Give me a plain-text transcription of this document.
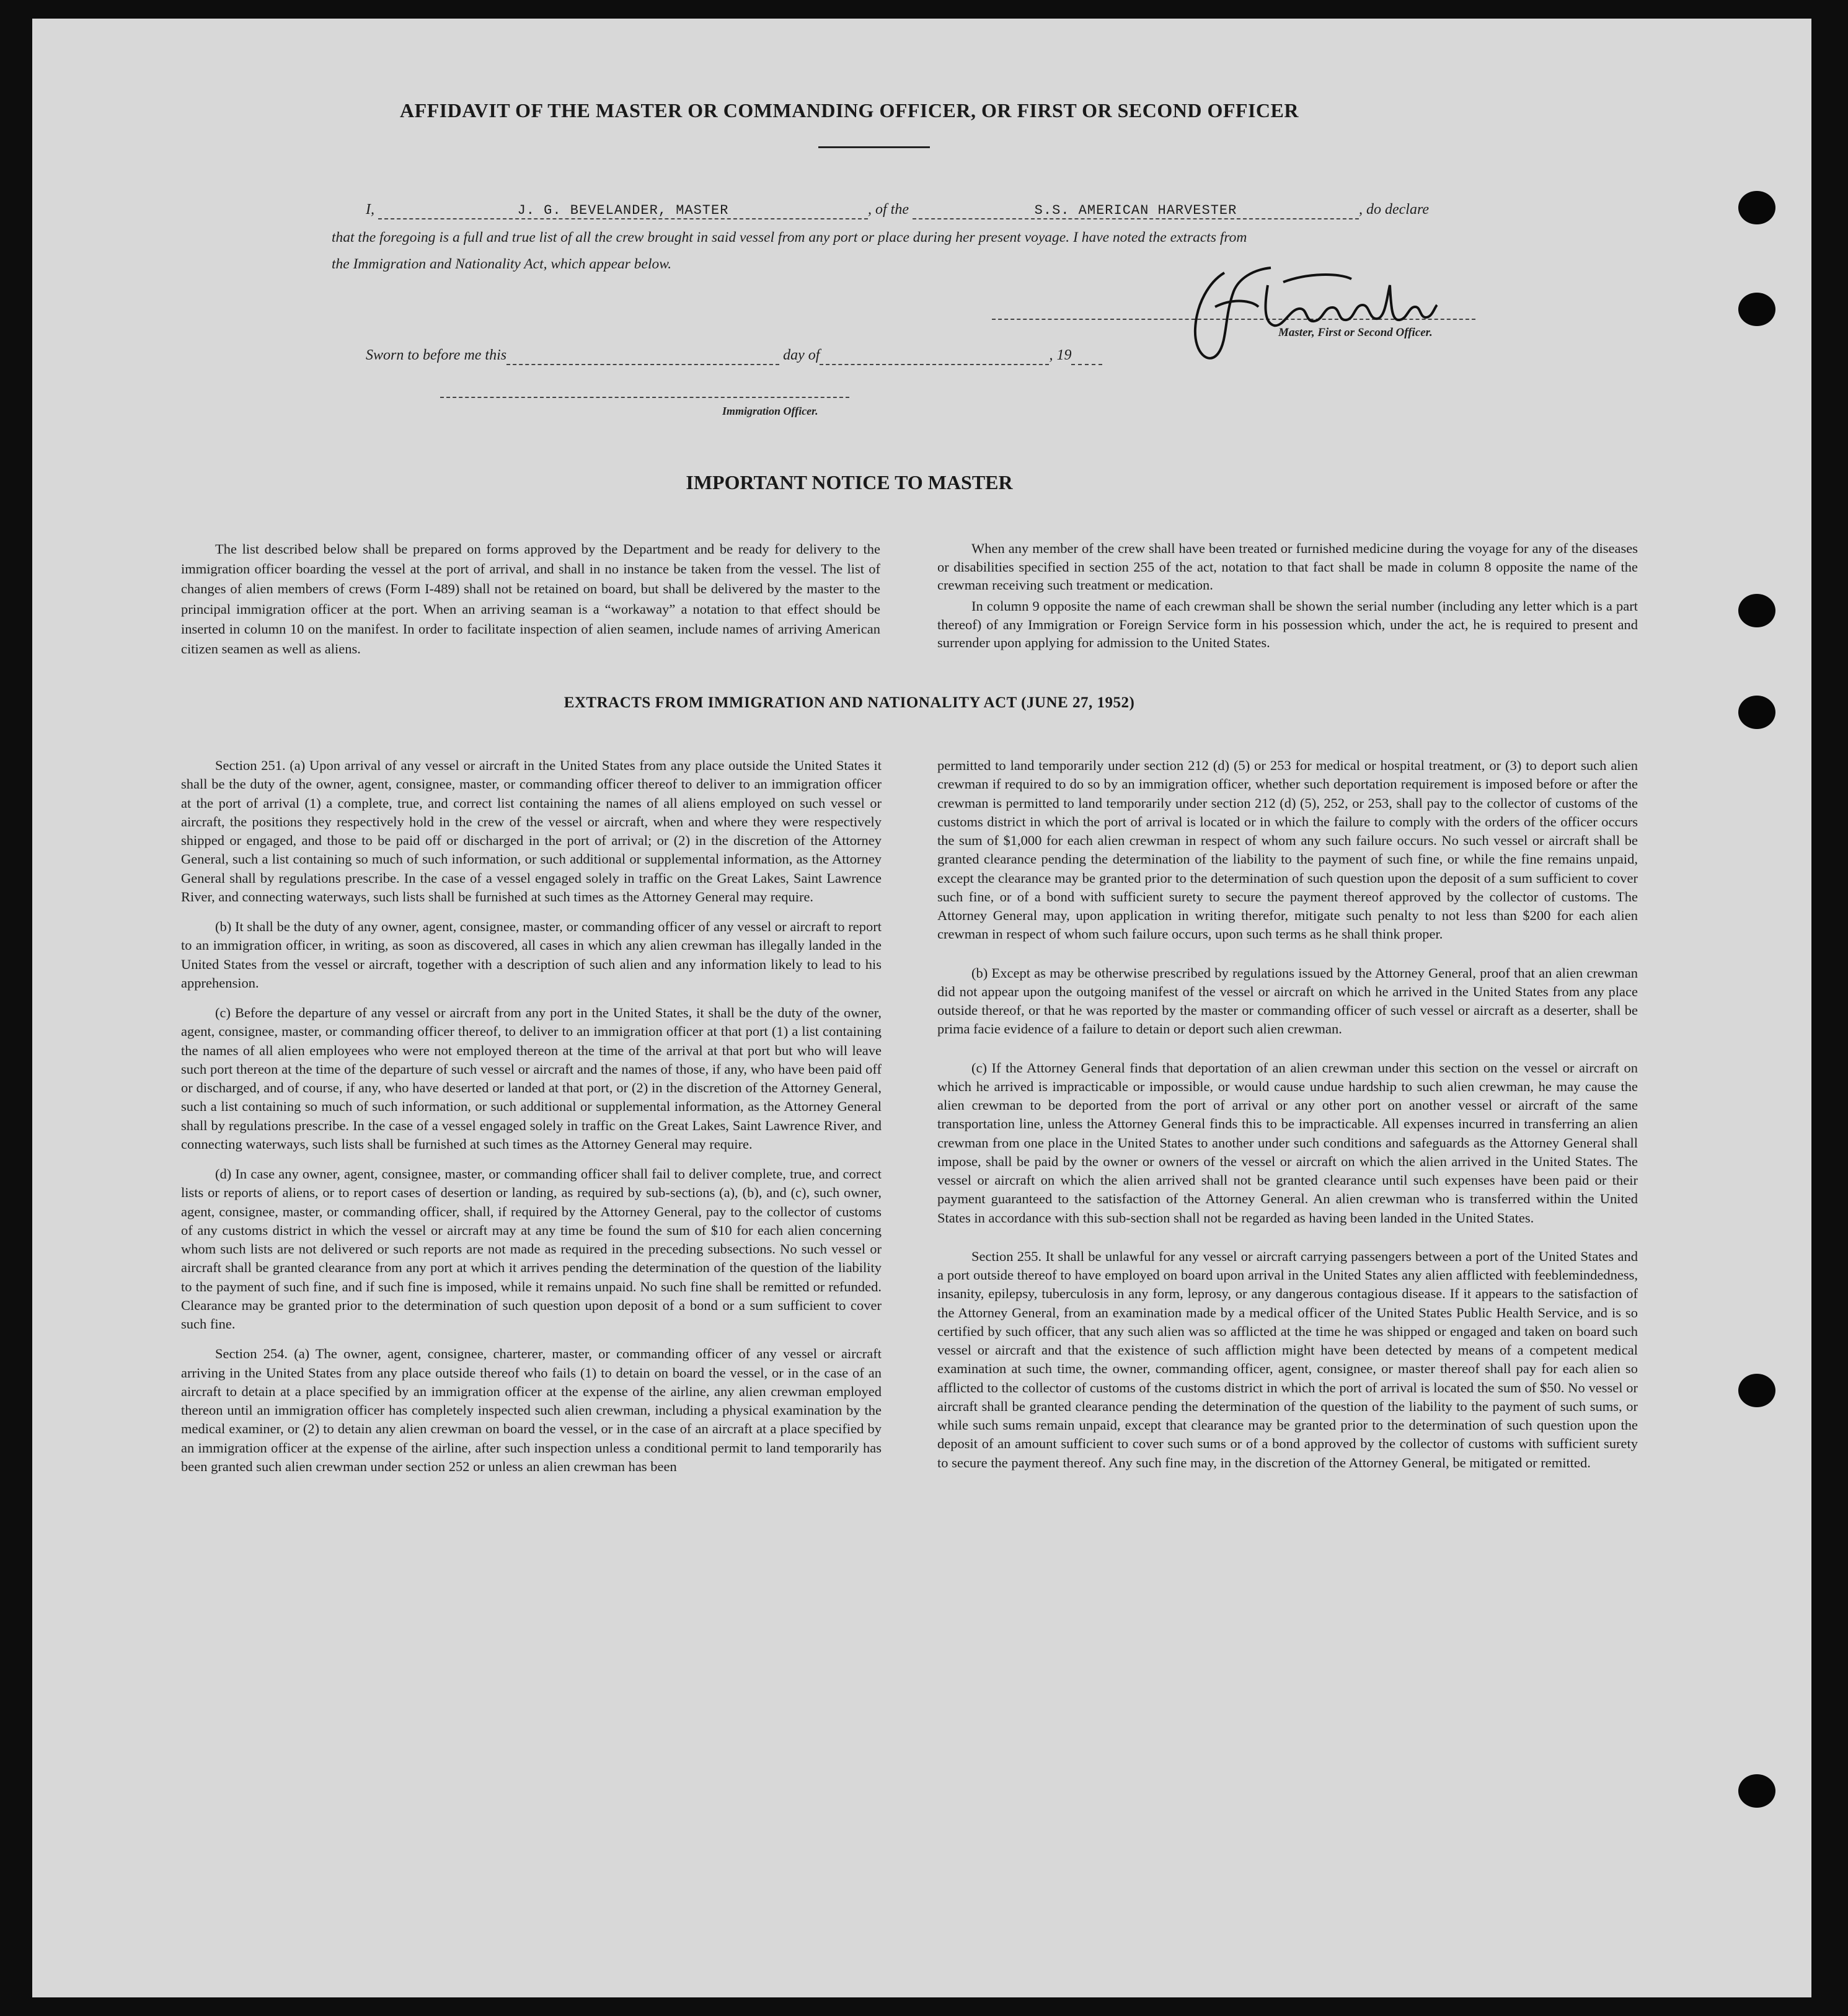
AFFIDAVIT OF THE MASTER OR COMMANDING OFFICER, OR FIRST OR SECOND OFFICER
I,	J. G. BEVELANDER, MASTER	, of the	S.S. AMERICAN HARVESTER	, do declare
that the foregoing is a full and true list of all the crew brought in said vessel from any port or place during her present voyage. I have noted the extracts from
the Immigration and Nationality Act, which appear below.
Master, First or Second Officer.
Sworn to before me this	day of	, 19
Immigration Officer.
IMPORTANT NOTICE TO MASTER

The list described below shall be prepared on forms approved by the Department and be ready for delivery to the immigration officer boarding the vessel at the port of arrival, and shall in no instance be taken from the vessel. The list of changes of alien members of crews (Form I-489) shall not be retained on board, but shall be delivered by the master to the principal immigration officer at the port. When an arriving seaman is a “workaway” a notation to that effect should be inserted in column 10 on the manifest. In order to facilitate inspection of alien seamen, include names of arriving American citizen seamen as well as aliens.

When any member of the crew shall have been treated or furnished medicine during the voyage for any of the diseases or disabilities specified in section 255 of the act, notation to that fact shall be made in column 8 opposite the name of the crewman receiving such treatment or medication.

In column 9 opposite the name of each crewman shall be shown the serial number (including any letter which is a part thereof) of any Immigration or Foreign Service form in his possession which, under the act, he is required to present and surrender upon applying for admission to the United States.

EXTRACTS FROM IMMIGRATION AND NATIONALITY ACT (JUNE 27, 1952)

Section 251. (a) Upon arrival of any vessel or aircraft in the United States from any place outside the United States it shall be the duty of the owner, agent, consignee, master, or commanding officer thereof to deliver to an immigration officer at the port of arrival (1) a complete, true, and correct list containing the names of all aliens employed on such vessel or aircraft, the positions they respectively hold in the crew of the vessel or aircraft, when and where they were respectively shipped or engaged, and those to be paid off or discharged in the port of arrival; or (2) in the discretion of the Attorney General, such a list containing so much of such information, or such additional or supplemental information, as the Attorney General shall by regulations prescribe. In the case of a vessel engaged solely in traffic on the Great Lakes, Saint Lawrence River, and connecting waterways, such lists shall be furnished at such times as the Attorney General may require.

(b) It shall be the duty of any owner, agent, consignee, master, or commanding officer of any vessel or aircraft to report to an immigration officer, in writing, as soon as discovered, all cases in which any alien crewman has illegally landed in the United States from the vessel or aircraft, together with a description of such alien and any information likely to lead to his apprehension.

(c) Before the departure of any vessel or aircraft from any port in the United States, it shall be the duty of the owner, agent, consignee, master, or commanding officer thereof, to deliver to an immigration officer at that port (1) a list containing the names of all alien employees who were not employed thereon at the time of the arrival at that port but who will leave such port thereon at the time of the departure of such vessel or aircraft and the names of those, if any, who have been paid off or discharged, and of course, if any, who have deserted or landed at that port, or (2) in the discretion of the Attorney General, such a list containing so much of such information, or such additional or supplemental information, as the Attorney General shall by regulations prescribe. In the case of a vessel engaged solely in traffic on the Great Lakes, Saint Lawrence River, and connecting waterways, such lists shall be furnished at such times as the Attorney General may require.

(d) In case any owner, agent, consignee, master, or commanding officer shall fail to deliver complete, true, and correct lists or reports of aliens, or to report cases of desertion or landing, as required by sub-sections (a), (b), and (c), such owner, agent, consignee, master, or commanding officer, shall, if required by the Attorney General, pay to the collector of customs of any customs district in which the vessel or aircraft may at any time be found the sum of $10 for each alien concerning whom such lists are not delivered or such reports are not made as required in the preceding subsections. No such vessel or aircraft shall be granted clearance from any port at which it arrives pending the determination of the question of the liability to the payment of such fine, and if such fine is imposed, while it remains unpaid. No such fine shall be remitted or refunded. Clearance may be granted prior to the determination of such question upon deposit of a bond or a sum sufficient to cover such fine.

Section 254. (a) The owner, agent, consignee, charterer, master, or commanding officer of any vessel or aircraft arriving in the United States from any place outside thereof who fails (1) to detain on board the vessel, or in the case of an aircraft to detain at a place specified by an immigration officer at the expense of the airline, any alien crewman employed thereon until an immigration officer has completely inspected such alien crewman, including a physical examination by the medical examiner, or (2) to detain any alien crewman on board the vessel, or in the case of an aircraft at a place specified by an immigration officer at the expense of the airline, after such inspection unless a conditional permit to land temporarily has been granted such alien crewman under section 252 or unless an alien crewman has been

permitted to land temporarily under section 212 (d) (5) or 253 for medical or hospital treatment, or (3) to deport such alien crewman if required to do so by an immigration officer, whether such deportation requirement is imposed before or after the crewman is permitted to land temporarily under section 212 (d) (5), 252, or 253, shall pay to the collector of customs of the customs district in which the port of arrival is located or in which the failure to comply with the orders of the officer occurs the sum of $1,000 for each alien crewman in respect of whom any such failure occurs. No such vessel or aircraft shall be granted clearance pending the determination of the liability to the payment of such fine, or while the fine remains unpaid, except the clearance may be granted prior to the determination of such question upon the deposit of a sum sufficient to cover such fine, or of a bond with sufficient surety to secure the payment thereof approved by the collector of customs. The Attorney General may, upon application in writing therefor, mitigate such penalty to not less than $200 for each alien crewman in respect of whom such failure occurs, upon such terms as he shall think proper.

(b) Except as may be otherwise prescribed by regulations issued by the Attorney General, proof that an alien crewman did not appear upon the outgoing manifest of the vessel or aircraft on which he arrived in the United States from any place outside thereof, or that he was reported by the master or commanding officer of such vessel or aircraft as a deserter, shall be prima facie evidence of a failure to detain or deport such alien crewman.

(c) If the Attorney General finds that deportation of an alien crewman under this section on the vessel or aircraft on which he arrived is impracticable or impossible, or would cause undue hardship to such alien crewman, he may cause the alien crewman to be deported from the port of arrival or any other port on another vessel or aircraft of the same transportation line, unless the Attorney General finds this to be impracticable. All expenses incurred in transferring an alien crewman from one place in the United States to another under such conditions and safeguards as the Attorney General shall impose, shall be paid by the owner or owners of the vessel or aircraft on which the alien arrived in the United States. The vessel or aircraft on which the alien arrived shall not be granted clearance until such expenses have been paid or their payment guaranteed to the satisfaction of the Attorney General. An alien crewman who is transferred within the United States in accordance with this sub-section shall not be regarded as having been landed in the United States.

Section 255. It shall be unlawful for any vessel or aircraft carrying passengers between a port of the United States and a port outside thereof to have employed on board upon arrival in the United States any alien afflicted with feeblemindedness, insanity, epilepsy, tuberculosis in any form, leprosy, or any dangerous contagious disease. If it appears to the satisfaction of the Attorney General, from an examination made by a medical officer of the United States Public Health Service, and is so certified by such officer, that any such alien was so afflicted at the time he was shipped or engaged and taken on board such vessel or aircraft and that the existence of such affliction might have been detected by means of a competent medical examination at such time, the owner, commanding officer, agent, consignee, or master thereof shall pay for each alien so afflicted to the collector of customs of the customs district in which the port of arrival is located the sum of $50. No vessel or aircraft shall be granted clearance pending the determination of the question of the liability to the payment of such sums, or while such sums remain unpaid, except that clearance may be granted prior to the determination of such question upon the deposit of an amount sufficient to cover such sums or of a bond approved by the collector of customs with sufficient surety to secure the payment thereof. Any such fine may, in the discretion of the Attorney General, be mitigated or remitted.
